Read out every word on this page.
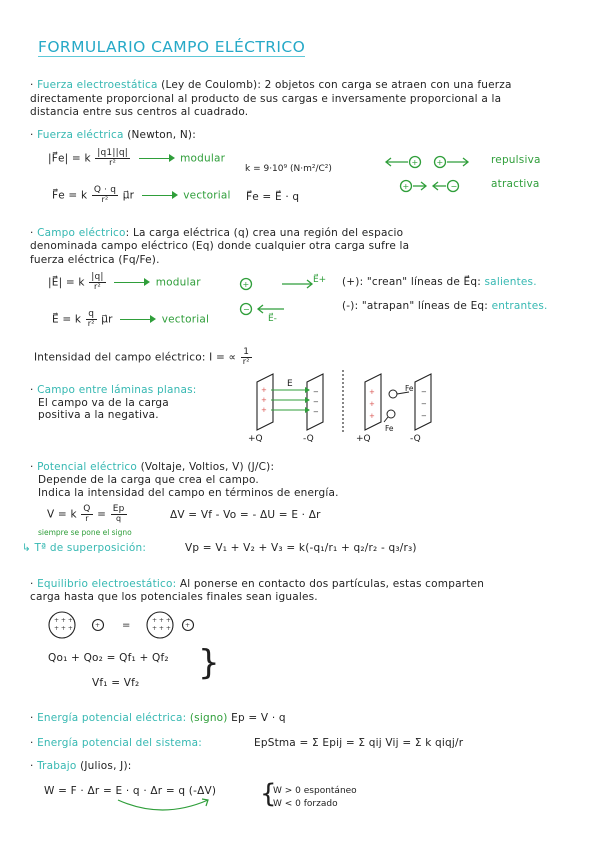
FORMULARIO CAMPO ELÉCTRICO
· Fuerza electroestática (Ley de Coulomb): 2 objetos con carga se atraen con una fuerza
directamente proporcional al producto de sus cargas e inversamente proporcional a la
distancia entre sus centros al cuadrado.
· Fuerza eléctrica (Newton, N):
|F⃗e| = k $\frac{|q1||q|}{\text{r²}}$	modular
k = 9·10⁹ (N·m²/C²)
F⃗e = k $\frac{Q \cdot q}{\text{r²}}$ μ⃗r	vectorial F⃗e = E⃗ · q
+ +
+	−
repulsiva
atractiva
· Campo eléctrico: La carga eléctrica (q) crea una región del espacio
denominada campo eléctrico (Eq) donde cualquier otra carga sufre la
fuerza eléctrica (Fq/Fe).
|E⃗| = k $\frac{|q|}{\text{r²}}$	modular
E⃗ = k $\frac{q}{\text{r²}}$ μ⃗r	vectorial
+
−
E⃗+
E⃗-
(+): "crean" líneas de E⃗q: salientes.
(-): "atrapan" líneas de Eq: entrantes.
Intensidad del campo eléctrico: I = ∝ $\frac{1}{\text{r²}}$
· Campo entre láminas planas:
El campo va de la carga
positiva a la negativa.
+
+
+
+
+
+
−
−
−
−
−
−
E	Fe
Fe
+Q	-Q	+Q	-Q
· Potencial eléctrico (Voltaje, Voltios, V) (J/C):
Depende de la carga que crea el campo.
Indica la intensidad del campo en términos de energía.
V = k $\frac{Q}{r} = \frac{Ep}{q}$	ΔV = Vf - Vo = - ΔU = E · Δr
siempre se pone el signo
↳ Tª de superposición:	Vp = V₁ + V₂ + V₃ = k(-q₁/r₁ + q₂/r₂ - q₃/r₃)
· Equilibrio electroestático: Al ponerse en contacto dos partículas, estas comparten
carga hasta que los potenciales finales sean iguales.
+ + +
+ + +
+ + +
+ + +
+	+
=
Qo₁ + Qo₂ = Qf₁ + Qf₂
Vf₁ = Vf₂ }
· Energía potencial eléctrica: (signo) Ep = V · q
· Energía potencial del sistema:	EpStma = Σ Epij = Σ qij Vij = Σ k qiqj/r
· Trabajo (Julios, J):
W = F · Δr = E · q · Δr = q (-ΔV) {
W > 0 espontáneo
W < 0 forzado
